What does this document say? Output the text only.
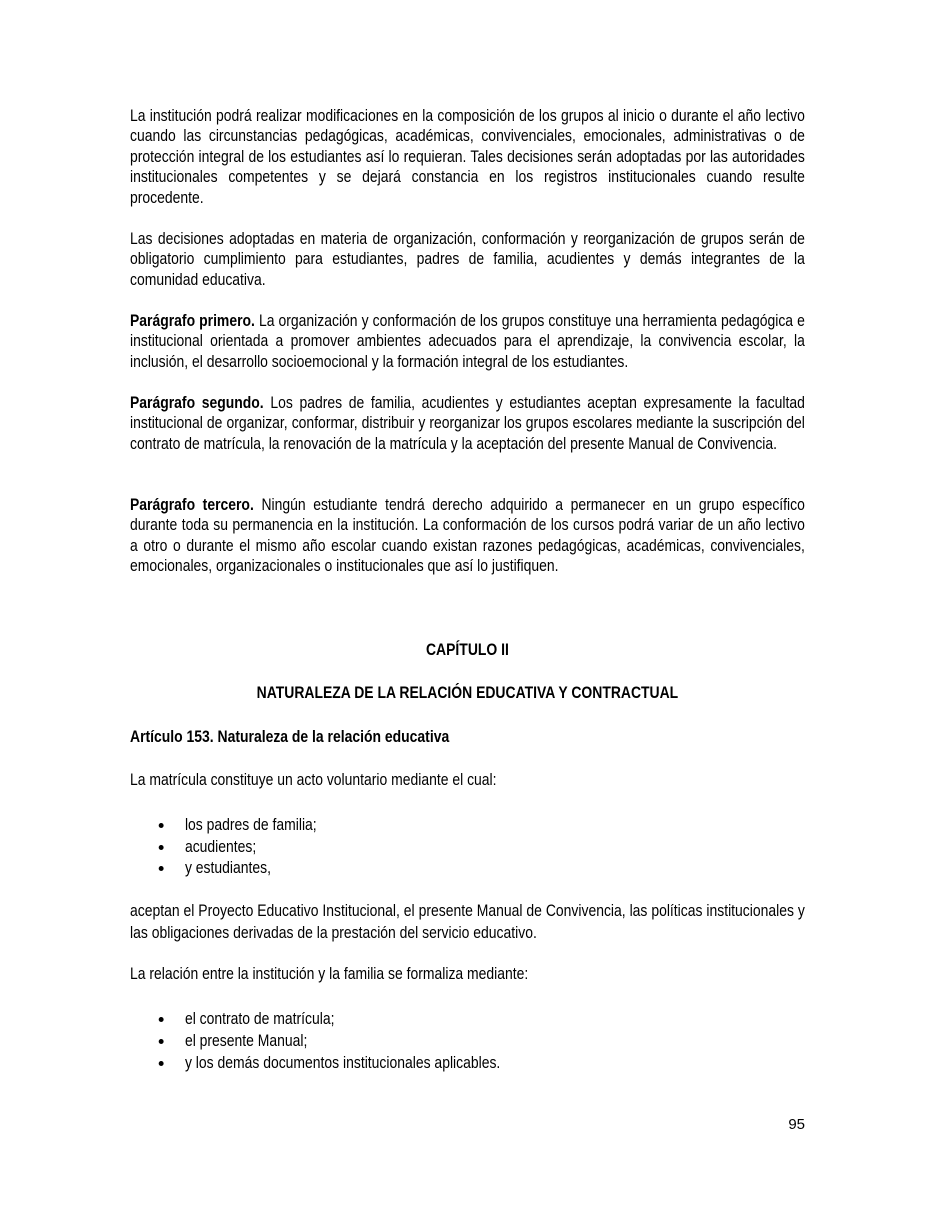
La institución podrá realizar modificaciones en la composición de los grupos al inicio o durante el año lectivo cuando las circunstancias pedagógicas, académicas, convivenciales, emocionales, administrativas o de protección integral de los estudiantes así lo requieran. Tales decisiones serán adoptadas por las autoridades institucionales competentes y se dejará constancia en los registros institucionales cuando resulte procedente.

Las decisiones adoptadas en materia de organización, conformación y reorganización de grupos serán de obligatorio cumplimiento para estudiantes, padres de familia, acudientes y demás integrantes de la comunidad educativa.

Parágrafo primero. La organización y conformación de los grupos constituye una herramienta pedagógica e institucional orientada a promover ambientes adecuados para el aprendizaje, la convivencia escolar, la inclusión, el desarrollo socioemocional y la formación integral de los estudiantes.

Parágrafo segundo. Los padres de familia, acudientes y estudiantes aceptan expresamente la facultad institucional de organizar, conformar, distribuir y reorganizar los grupos escolares mediante la suscripción del contrato de matrícula, la renovación de la matrícula y la aceptación del presente Manual de Convivencia.

Parágrafo tercero. Ningún estudiante tendrá derecho adquirido a permanecer en un grupo específico durante toda su permanencia en la institución. La conformación de los cursos podrá variar de un año lectivo a otro o durante el mismo año escolar cuando existan razones pedagógicas, académicas, convivenciales, emocionales, organizacionales o institucionales que así lo justifiquen.

CAPÍTULO II
NATURALEZA DE LA RELACIÓN EDUCATIVA Y CONTRACTUAL
Artículo 153. Naturaleza de la relación educativa

La matrícula constituye un acto voluntario mediante el cual:

los padres de familia;
acudientes;
y estudiantes,

aceptan el Proyecto Educativo Institucional, el presente Manual de Convivencia, las políticas institucionales y las obligaciones derivadas de la prestación del servicio educativo.

La relación entre la institución y la familia se formaliza mediante:

el contrato de matrícula;
el presente Manual;
y los demás documentos institucionales aplicables.

95
